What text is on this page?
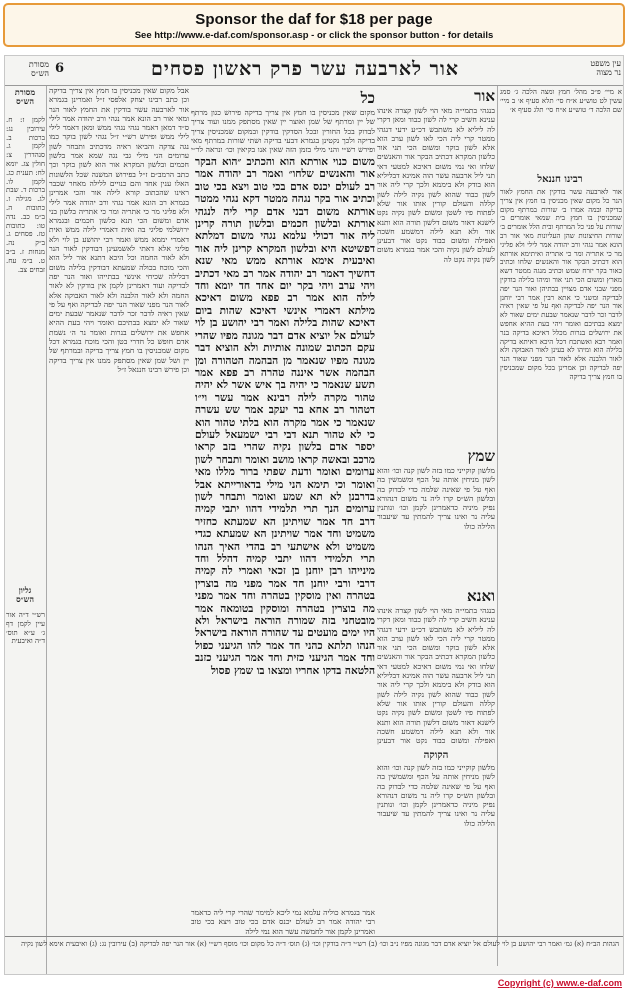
Sponsor the daf for $18 per page
See http://www.e-daf.com/sponsor.asp - or click the sponsor button - for details
מסורת
הש״ס 6	אור לארבעה עשר פרק ראשון פסחים	עין משפט
נר מצוה
מסורת
הש״ס
לקמן ז: ח. עירובין נג: ברכות ב. לקמן ג. סנהדרין צ: חולין צג. יומא לח: תענית כג. לקמן לו. ברכות ד. שבת לג. מגילה ז. כתובות ה. ב״מ כב. נדה טו: כתובות טז. פסחים ג. ב״ק נה. מנחות ז. ב״ב ט. ב״מ עח. זבחים צב.
גליון
הש״ס
רש״י ד״ה אור עיין לקמן דף ג׳ ע״א תוס׳ ד״ה ואיבעית
אבל מקום שאין מכניסין בו חמץ אין צריך בדיקה וכן כתב רבינו יצחק אלפסי ז״ל ואמרינן בגמרא אור לארבעה עשר בודקין את החמץ לאור הנר ומאי אור רב הונא אמר נגהי ורב יהודה אמר לילי ס״ד דמאן דאמר נגהי נגהי ממש ומאן דאמר לילי לילי ממש ופירש רש״י ז״ל נגהי לשון בוקר כמו נגה צדקה והביאו ראיה מדכתיב ותבחר לשון ערומים הני מילי גבי נגה שמא אמר בלשון חכמים ובלשון המקרא אור הוא לשון בוקר וכך כתב הרמב״ם ז״ל בפירוש המשנה שכל הלשונות האלו ענין אחד והם כנויים ללילה מאחר שכבר ראינו שהכתוב קורא לילה אור והכי אמרינן בגמרא רב הונא אמר נגהי ורב יהודה אמר לילי ולא פליגי מר כי אתריה ומר כי אתריה בלשון בני אדם ומשום הכי תנא כלשון חכמים ובגמרא ירושלמי פליגי בה ואית דאמרי לילה ממש ואית דאמרי יממא ממש ואמר רבי יהושע בן לוי ולא פליגי אלא דאתי לאשמעינן דבודקין לאור הנר ולא לאור החמה וכל היכא דתנא אור ליל הוא והכי מוכח בכולה שמעתא דבודקין בלילה משום דבלילה שכיחי אינשי בבתייהו ואור הנר יפה לבדיקה ועוד דאמרינן לקמן אין בודקין לא לאור החמה ולא לאור הלבנה ולא לאור האבוקה אלא לאור הנר מפני שאור הנר יפה לבדיקה ואף על פי שאין ראיה לדבר זכר לדבר שנאמר שבעת ימים שאור לא ימצא בבתיכם ואומר ויהי בעת ההיא אחפש את ירושלים בנרות ואומר נר ה׳ נשמת אדם חופש כל חדרי בטן והכי מוכח בגמרא דכל מקום שמכניסין בו חמץ צריך בדיקה ובמרתף של יין ושל שמן שאין מסתפק ממנו אין צריך בדיקה וכן פירש רבינו חננאל ז״ל
כל
מקום שאין מכניסין בו חמץ אין צריך בדיקה פירוש כגון מרתף של יין ומרתף של שמן ואוצר יין שאין מסתפק ממנו ועוד צריך לבדוק בכל החורין ובכל הסדקין בודקין ובמקום שמכניסין צריך בדיקה ולכך נקטינן בגמרא דבעי בדיקה ושתי שורות במרתף מאי ופירש רש״י והני מילי בזמן הזה שאין אנו בקיאין וכו׳ ונראה לר״י
משום כנוי אורתא הוא והכתיב ״הוא הבקר אור והאנשים שלחו״ ואמר רב יהודה אמר רב לעולם יכנס אדם בכי טוב ויצא בכי טוב וכתיב אור בקר נגהה ממטר דקא נגהי ממטר אורתא משום דבני אדם קרי ליה לנגהי אורתא ובלשון חכמים ובלשון תורה קרינן ליה אור דכולי עלמא נגהי משום דמלתא דפשיטא היא ובלשון המקרא קרינן ליה אור ואיבעית אימא אורתא ממש מאי שנא דחשיך דאמר רב יהודה אמר רב מאי דכתיב ויהי ערב ויהי בקר יום אחד חד יומא וחד לילה הוא אמר רב פפא משום דאיכא מילתא דאמרי אינשי דאיכא שהות ביום דאיכא שהות בלילה ואמר רבי יהושע בן לוי לעולם אל יוציא אדם דבר מגונה מפיו שהרי עקם הכתוב שמונה אותיות ולא הוציא דבר מגונה מפיו שנאמר מן הבהמה הטהורה ומן הבהמה אשר איננה טהרה רב פפא אמר תשע שנאמר כי יהיה בך איש אשר לא יהיה טהור מקרה לילה רבינא אמר עשר וי״ו דטהור רב אחא בר יעקב אמר שש עשרה שנאמר כי אמר מקרה הוא בלתי טהור הוא כי לא טהור תנא דבי רבי ישמעאל לעולם יספר אדם בלשון נקיה שהרי בזב קראו מרכב ובאשה קראו מושב ואומר ותבחר לשון ערומים ואומר ודעת שפתי ברור מללו מאי ואומר וכי תימא הני מילי בדאורייתא אבל בדרבנן לא תא שמע ואומר ותבחר לשון ערומים הנך תרי תלמידי דהוו יתבי קמיה דרב חד אמר שויתינן הא שמעתא כחזיר משמיט וחד אמר שויתינן הא שמעתא כגדי משמיט ולא אישתעי רב בהדי האיך הנהו תרי תלמידי דהוו יתבי קמיה דהלל וחד מינייהו רבן יוחנן בן זכאי ואמרי לה קמיה דרבי ורבי יוחנן חד אמר מפני מה בוצרין בטהרה ואין מוסקין בטהרה וחד אמר מפני מה בוצרין בטהרה ומוסקין בטומאה אמר מובטחני בזה שמורה הוראה בישראל ולא היו ימים מועטים עד שהורה הוראה בישראל הנהו תלתא כהני חד אמר להו הגיעני כפול וחד אמר הגיעני כזית וחד אמר הגיעני כזנב הלטאה בדקו אחריו ומצאו בו שמץ פסול
אמר בגמרא כוליה עלמא נמי ליכא למימר שהרי קרי ליה כדאמר רבי יהודה אמר רב לעולם יכנס אדם בכי טוב ויצא בכי טוב ואמרינן לקמן אור לחמשה עשר הוא נמי לילה
אור
בנגהי בתמי״ה מאי הוי לשון קצרה אינהו ענינא חשיב קרי לה לשון כבוד ומאן דקרי לה ליליא לא משתבש דכ״ע ידעי דנגהי ממטר קרי ליה הכי לאו לשון ערב הוא אלא לשון בוקר ומשום הכי תני אור כלשון המקרא דכתיב הבקר אור והאנשים שלחו ואי נמי משום דאיכא למטעי דאי תני ליל ארבעה עשר הוה אמינא דבליליא הוא בודק ולא ביממא ולכך קרי ליה אור לשון כבוד שהוא לשון נקיה לילה לשון קללה והעולם קורין אותו אור שלא לפתוח פיו לשטן ומשום לשון נקיה נקט לישנא דאור משום דלשון תורה הוא ותנא אור ולא תנא לילה דמשמע חשכה ואפילה ומשום כבוד נקט אור דבעינן לעולם לשון נקיה והכי אמר בגמרא משום לשון נקיה נקט לה
שמץ
מלשון קוקייני כמו בזה לשון קנה וכו׳ והוא לשון מניחין אותה על הכף ומשמשין בה ואף על פי שאינה שלמה כדי לבדוק בה ובלשון הש״ס קרו ליה נר משום דנהורא נפיק מיניה כדאמרינן לקמן וכו׳ ונותנין עליה נר ואינו צריך להמתין עד שיעבור הלילה כולו
ואנא
בנגהי בתמי״ה מאי הוי לשון קצרה אינהו ענינא חשיב קרי לה לשון כבוד ומאן דקרי לה ליליא לא משתבש דכ״ע ידעי דנגהי ממטר קרי ליה הכי לאו לשון ערב הוא אלא לשון בוקר ומשום הכי תני אור כלשון המקרא דכתיב הבקר אור והאנשים שלחו ואי נמי משום דאיכא למטעי דאי תני ליל ארבעה עשר הוה אמינא דבליליא הוא בודק ולא ביממא ולכך קרי ליה אור לשון כבוד שהוא לשון נקיה לילה לשון קללה והעולם קורין אותו אור שלא לפתוח פיו לשטן ומשום לשון נקיה נקט לישנא דאור משום דלשון תורה הוא ותנא אור ולא תנא לילה דמשמע חשכה ואפילה ומשום כבוד נקט אור דבעינן
הקוקה
מלשון קוקייני כמו בזה לשון קנה וכו׳ והוא לשון מניחין אותה על הכף ומשמשין בה ואף על פי שאינה שלמה כדי לבדוק בה ובלשון הש״ס קרו ליה נר משום דנהורא נפיק מיניה כדאמרינן לקמן וכו׳ ונותנין עליה נר ואינו צריך להמתין עד שיעבור הלילה כולו
א מיי׳ פ״ב מהל׳ חמץ ומצה הלכה ג׳ סמג עשין לט טוש״ע א״ח סי׳ תלא סעיף א׳ ב מיי׳ שם הלכה ד׳ טוש״ע א״ח סי׳ תלג סעיף א׳
רבינו חננאל
אור לארבעה עשר בודקין את החמץ לאור הנר כל מקום שאין מכניסין בו חמץ אין צריך בדיקה ובמה אמרו ב׳ שורות במרתף מקום שמכניסין בו חמץ בית שמאי אומרים ב׳ שורות על פני כל המרתף ובית הלל אומרים ב׳ שורות החיצונות שהן העליונות מאי אור רב הונא אמר נגהי ורב יהודה אמר לילי ולא פליגי מר כי אתריה ומר כי אתריה ואיתימא אורתא הוא דכתיב הבקר אור והאנשים שלחו וכתיב כאור בקר יזרח שמש וכתיב מנגה ממטר דשא מארץ ומשום הכי תני אור ומיהו בלילה בודקין מפני שבני אדם מצויין בבתיהן ואור הנר יפה לבדיקה ומשני כי אתא רבין אמר רבי יוחנן אור הנר יפה לבדיקה ואף על פי שאין ראיה לדבר זכר לדבר שנאמר שבעת ימים שאור לא ימצא בבתיכם ואומר ויהי בעת ההיא אחפש את ירושלים בנרות מכלל דאיכא בדיקה בנר ואמר רבא ואשתכח דכל היכא דאיתא בדיקה בלילה הוא ומיהו לא בעינן לאור האבוקה ולא לאור הלבנה אלא לאור הנר מפני שאור הנר יפה לבדיקה וכן אמרינן בכל מקום שמכניסין בו חמץ צריך בדיקה
הגהות הב״ח (א) גמ׳ ואמר רבי יהושע בן לוי לעולם אל יוציא אדם דבר מגונה מפיו נ״ב וכו׳ (ב) רש״י ד״ה בודקין וכו׳ (ג) תוס׳ ד״ה כל מקום וכו׳ מוסף רש״י (א) אור הנר יפה לבדיקה (ב) עירובין נג: (ג) ואיבעית אימא לשון נקיה
Copyright (c) www.e-daf.com
